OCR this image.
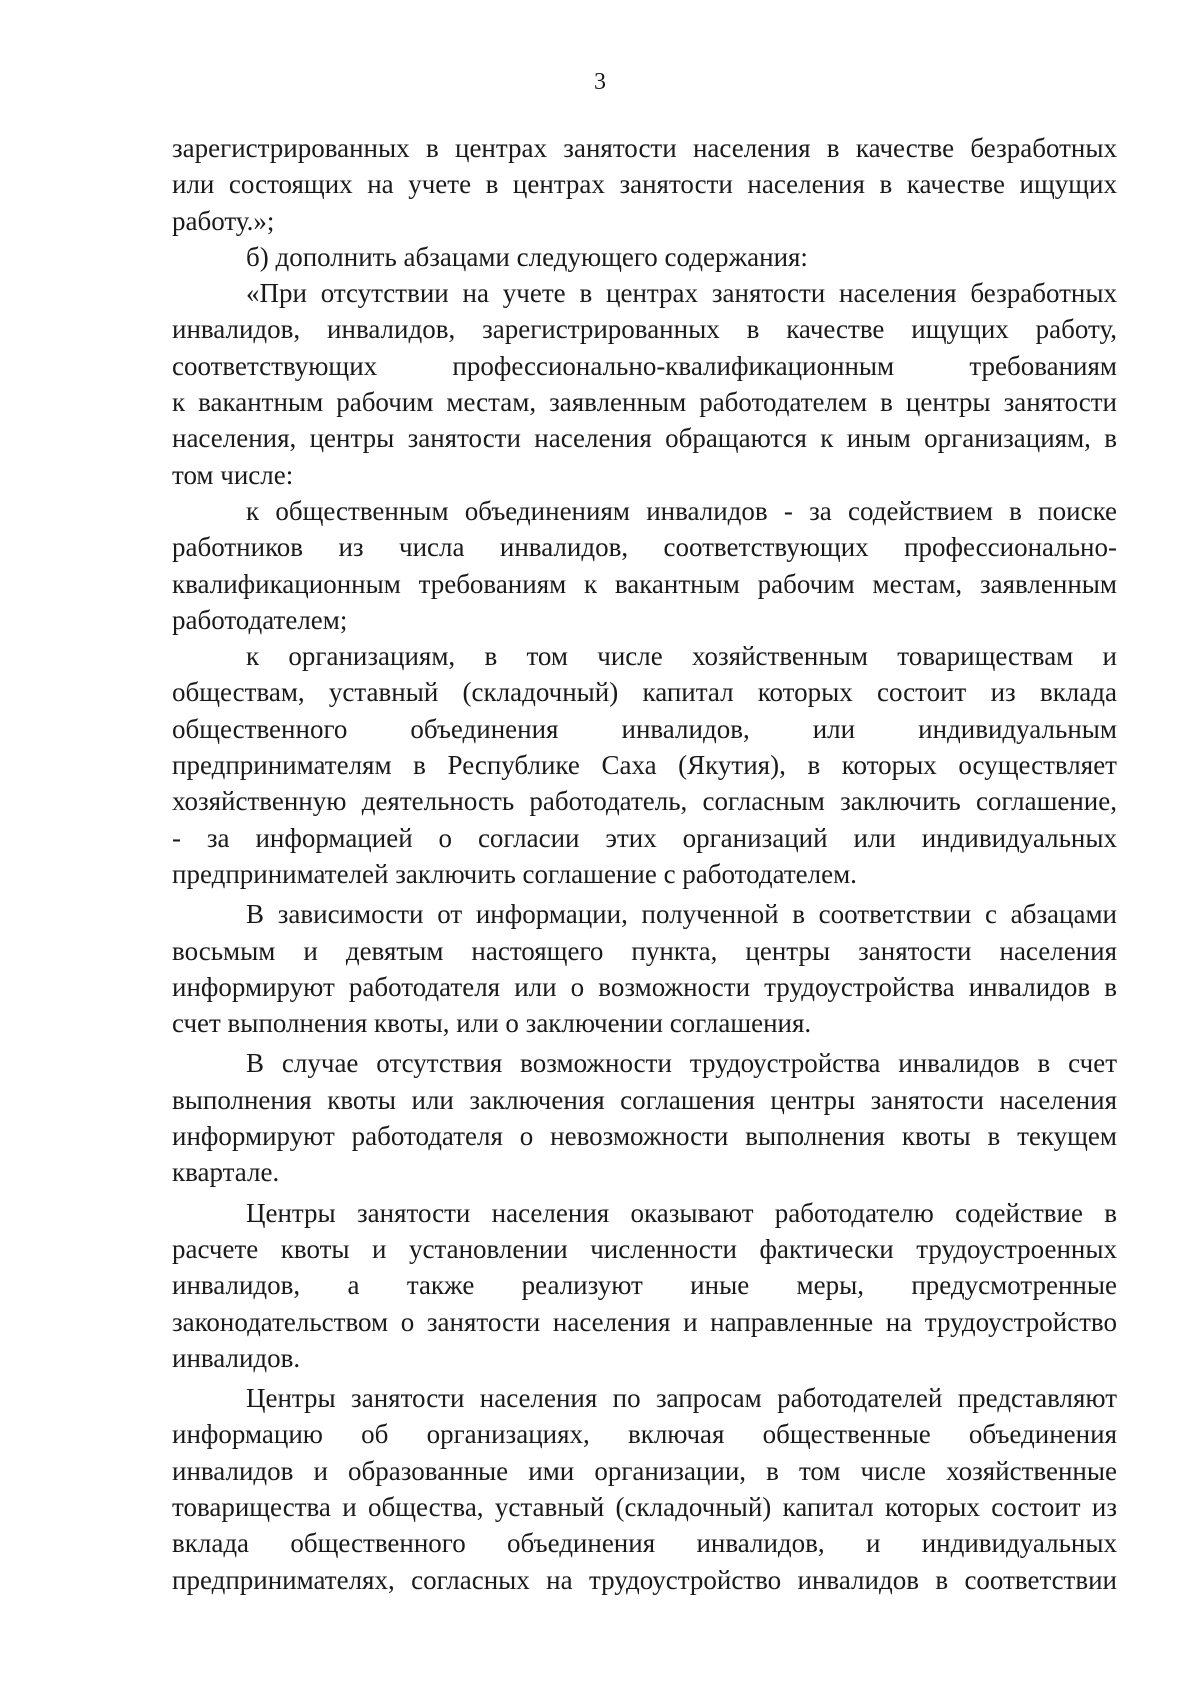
3
зарегистрированных в центрах занятости населения в качестве безработных
или состоящих на учете в центрах занятости населения в качестве ищущих
работу.»;
б) дополнить абзацами следующего содержания:
«При отсутствии на учете в центрах занятости населения безработных
инвалидов, инвалидов, зарегистрированных в качестве ищущих работу,
соответствующих профессионально-квалификационным требованиям
к вакантным рабочим местам, заявленным работодателем в центры занятости
населения, центры занятости населения обращаются к иным организациям, в
том числе:
к общественным объединениям инвалидов - за содействием в поиске
работников из числа инвалидов, соответствующих профессионально-
квалификационным требованиям к вакантным рабочим местам, заявленным
работодателем;
к организациям, в том числе хозяйственным товариществам и
обществам, уставный (складочный) капитал которых состоит из вклада
общественного объединения инвалидов, или индивидуальным
предпринимателям в Республике Саха (Якутия), в которых осуществляет
хозяйственную деятельность работодатель, согласным заключить соглашение,
- за информацией о согласии этих организаций или индивидуальных
предпринимателей заключить соглашение с работодателем.
В зависимости от информации, полученной в соответствии с абзацами
восьмым и девятым настоящего пункта, центры занятости населения
информируют работодателя или о возможности трудоустройства инвалидов в
счет выполнения квоты, или о заключении соглашения.
В случае отсутствия возможности трудоустройства инвалидов в счет
выполнения квоты или заключения соглашения центры занятости населения
информируют работодателя о невозможности выполнения квоты в текущем
квартале.
Центры занятости населения оказывают работодателю содействие в
расчете квоты и установлении численности фактически трудоустроенных
инвалидов, а также реализуют иные меры, предусмотренные
законодательством о занятости населения и направленные на трудоустройство
инвалидов.
Центры занятости населения по запросам работодателей представляют
информацию об организациях, включая общественные объединения
инвалидов и образованные ими организации, в том числе хозяйственные
товарищества и общества, уставный (складочный) капитал которых состоит из
вклада общественного объединения инвалидов, и индивидуальных
предпринимателях, согласных на трудоустройство инвалидов в соответствии
